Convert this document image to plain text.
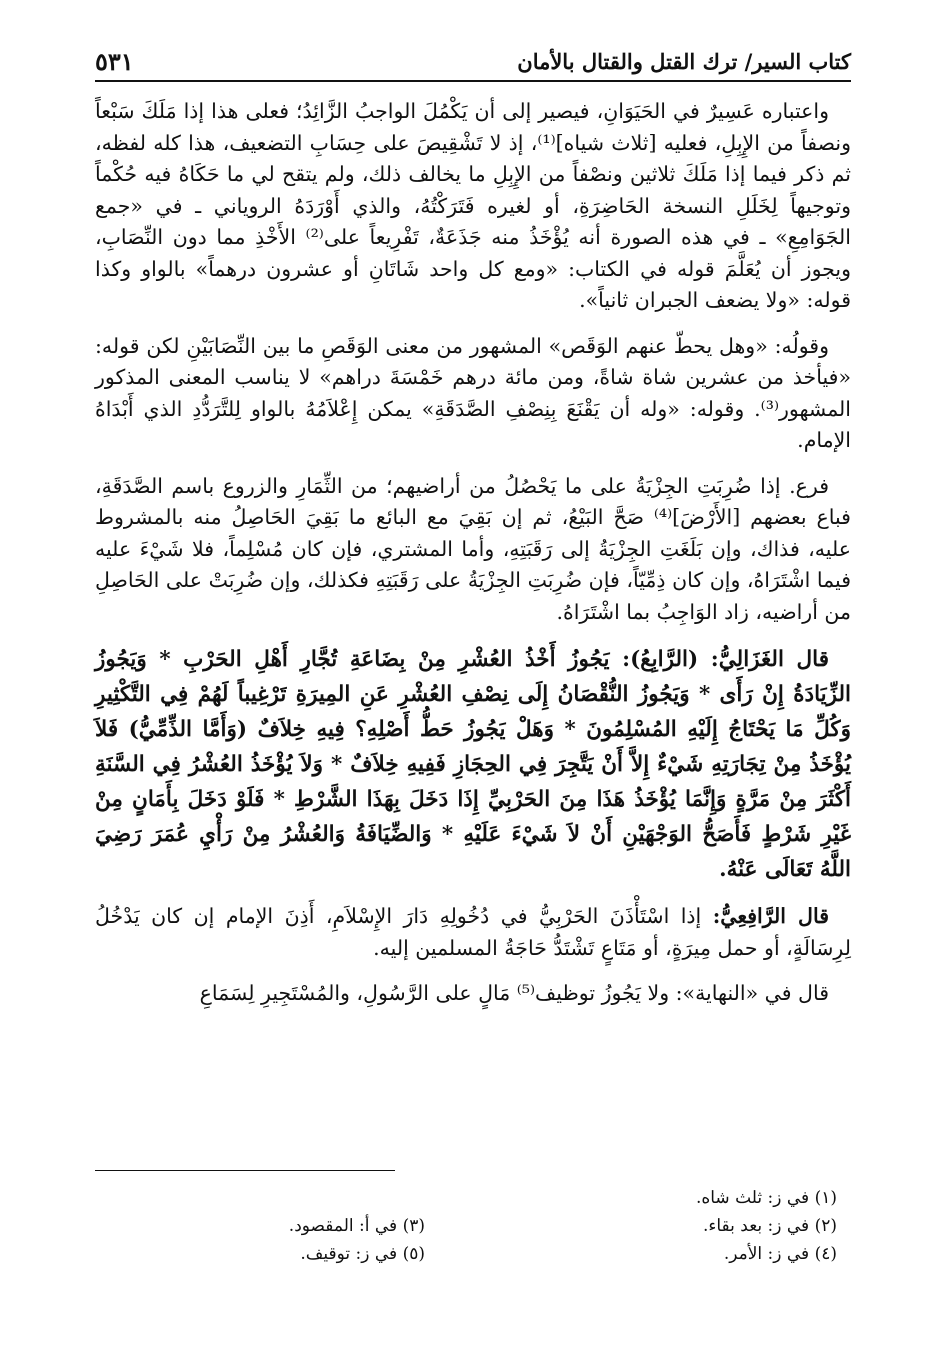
كتاب السير/ ترك القتل والقتال بالأمان
٥٣١

واعتباره عَسِيرٌ في الحَيَوَانِ، فيصير إلى أن يَكْمُلَ الواجبُ الزَّائِدُ؛ فعلى هذا إذا مَلَكَ سَبْعاً ونصفاً من الإِبِلِ، فعليه [ثلاث شياه]⁽¹⁾، إذ لا تَشْقِيصَ على حِسَابِ التضعيف، هذا كله لفظه، ثم ذكر فيما إذا مَلَكَ ثلاثين ونصْفاً من الإِبِلِ ما يخالف ذلك، ولم يتقح لي ما حَكَاهُ فيه حُكْماً وتوجيهاً لِخَلَلِ النسخة الحَاضِرَةِ، أو لغيره فَتَرَكْتُهُ، والذي أَوْرَدَهُ الروياني ـ في «جمع الجَوَامِعِ» ـ في هذه الصورة أنه يُؤْخَذُ منه جَذَعَةٌ، تَفْرِيعاً على⁽²⁾ الأَخْذِ مما دون النِّصَابِ، ويجوز أن يُعَلَّمَ قوله في الكتاب: «ومع كل واحد شَاتَانِ أو عشرون درهماً» بالواو وكذا قوله: «ولا يضعف الجبران ثانياً».

وقولُه: «وهل يحطّ عنهم الوَقَص» المشهور من معنى الوَقَصِ ما بين النِّصَابَيْنِ لكن قوله: «فيأخذ من عشرين شاة شاةً، ومن مائة درهم خَمْسَةَ دراهم» لا يناسب المعنى المذكور المشهور⁽³⁾. وقوله: «وله أن يَقْنَعَ بِنِصْفِ الصَّدَقَةِ» يمكن إِعْلاَمُهُ بالواو لِلتَّرَدُّدِ الذي أَبْدَاهُ الإمام.

فرع. إذا ضُرِبَتِ الجِزْيَةُ على ما يَحْصُلُ من أراضيهم؛ من الثِّمَارِ والزروع باسم الصَّدَقَةِ، فباع بعضهم [الأَرْضَ]⁽⁴⁾ صَحَّ البَيْعُ، ثم إن بَقِيَ مع البائع ما بَقِيَ الحَاصِلُ منه بالمشروط عليه، فذاك، وإن بَلَغَتِ الجِزْيَةُ إلى رَقَبَتِهِ، وأما المشتري، فإن كان مُسْلِماً، فلا شَيْءَ عليه فيما اشْتَرَاهُ، وإن كان ذِمِّيّاً، فإن ضُرِبَتِ الجِزْيَةُ على رَقَبَتِهِ فكذلك، وإن ضُرِبَتْ على الحَاصِلِ من أراضيه، زاد الوَاجِبُ بما اشْتَرَاهُ.

قال الغَزَالِيُّ: (الرَّابِعُ): يَجُوزُ أَخْذُ العُشْرِ مِنْ بِضَاعَةِ تُجَّارِ أَهْلِ الحَرْبِ * وَيَجُوزُ الزِّيَادَةُ إِنْ رَأَى * وَيَجُوزُ النُّقْصَانُ إِلَى نِصْفِ العُشْرِ عَنِ المِيرَةِ تَرْغِيباً لَهُمْ فِي التَّكْثِيرِ وَكُلِّ مَا يَحْتَاجُ إِلَيْهِ المُسْلِمُونَ * وَهَلْ يَجُوزُ حَطُّ أَصْلِهِ؟ فِيهِ خِلاَفٌ (وَأَمَّا الذِّمِّيُّ) فَلاَ يُؤْخَذُ مِنْ تِجَارَتِهِ شَيْءٌ إِلاَّ أَنْ يَتَّجِرَ فِي الحِجَازِ فَفِيهِ خِلاَفٌ * وَلاَ يُؤْخَذُ العُشْرُ فِي السَّنَةِ أَكْثَرَ مِنْ مَرَّةٍ وَإِنَّمَا يُؤْخَذُ هَذَا مِنَ الحَرْبِيِّ إِذَا دَخَلَ بِهَذَا الشَّرْطِ * فَلَوْ دَخَلَ بِأَمَانٍ مِنْ غَيْرِ شَرْطٍ فَأَصَحُّ الوَجْهَيْنِ أَنْ لاَ شَيْءَ عَلَيْهِ * وَالضِّيَافَةُ وَالعُشْرُ مِنْ رَأْيِ عُمَرَ رَضِيَ اللَّهُ تَعَالَى عَنْهُ.

قال الرَّافِعِيُّ: إذا اسْتَأْذَنَ الحَرْبِيُّ في دُخُولِهِ دَارَ الإِسْلاَمِ، أَذِنَ الإمام إن كان يَدْخُلُ لِرِسَالَةٍ، أو حمل مِيرَةٍ، أو مَتَاعٍ تَشْتَدُّ حَاجَةُ المسلمين إليه.

قال في «النهاية»: ولا يَجُوزُ توظيف⁽⁵⁾ مَالٍ على الرَّسُولِ، والمُسْتَجِيرِ لِسَمَاعِ

(١) في ز: ثلث شاه.
(٢) في ز: بعد بقاء.
(٤) في ز: الأمر.
(٣) في أ: المقصود.
(٥) في ز: توقيف.
